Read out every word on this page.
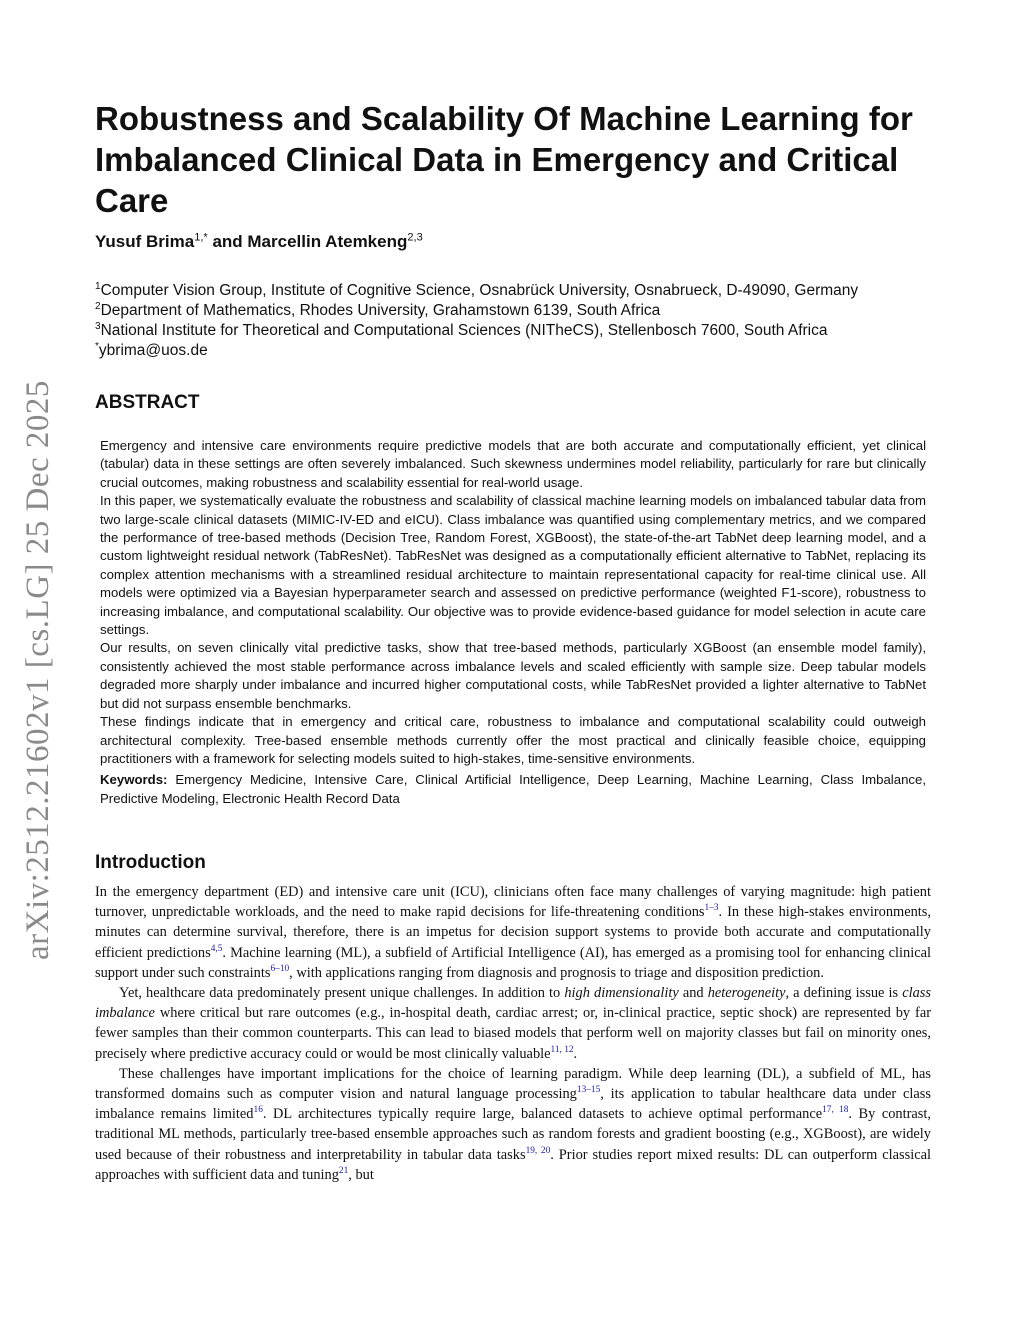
arXiv:2512.21602v1 [cs.LG] 25 Dec 2025
Robustness and Scalability Of Machine Learning for Imbalanced Clinical Data in Emergency and Critical Care
Yusuf Brima$^{1,*}$ and Marcellin Atemkeng$^{2,3}$
$^1$Computer Vision Group, Institute of Cognitive Science, Osnabrück University, Osnabrueck, D-49090, Germany
$^2$Department of Mathematics, Rhodes University, Grahamstown 6139, South Africa
$^3$National Institute for Theoretical and Computational Sciences (NITheCS), Stellenbosch 7600, South Africa
*ybrima@uos.de
ABSTRACT

Emergency and intensive care environments require predictive models that are both accurate and computationally efficient, yet clinical (tabular) data in these settings are often severely imbalanced. Such skewness undermines model reliability, particularly for rare but clinically crucial outcomes, making robustness and scalability essential for real-world usage.

In this paper, we systematically evaluate the robustness and scalability of classical machine learning models on imbalanced tabular data from two large-scale clinical datasets (MIMIC-IV-ED and eICU). Class imbalance was quantified using complementary metrics, and we compared the performance of tree-based methods (Decision Tree, Random Forest, XGBoost), the state-of-the-art TabNet deep learning model, and a custom lightweight residual network (TabResNet). TabResNet was designed as a computationally efficient alternative to TabNet, replacing its complex attention mechanisms with a streamlined residual architecture to maintain representational capacity for real-time clinical use. All models were optimized via a Bayesian hyperparameter search and assessed on predictive performance (weighted F1-score), robustness to increasing imbalance, and computational scalability. Our objective was to provide evidence-based guidance for model selection in acute care settings.

Our results, on seven clinically vital predictive tasks, show that tree-based methods, particularly XGBoost (an ensemble model family), consistently achieved the most stable performance across imbalance levels and scaled efficiently with sample size. Deep tabular models degraded more sharply under imbalance and incurred higher computational costs, while TabResNet provided a lighter alternative to TabNet but did not surpass ensemble benchmarks.

These findings indicate that in emergency and critical care, robustness to imbalance and computational scalability could outweigh architectural complexity. Tree-based ensemble methods currently offer the most practical and clinically feasible choice, equipping practitioners with a framework for selecting models suited to high-stakes, time-sensitive environments.

Keywords: Emergency Medicine, Intensive Care, Clinical Artificial Intelligence, Deep Learning, Machine Learning, Class Imbalance, Predictive Modeling, Electronic Health Record Data

Introduction

In the emergency department (ED) and intensive care unit (ICU), clinicians often face many challenges of varying magnitude: high patient turnover, unpredictable workloads, and the need to make rapid decisions for life-threatening conditions$^{1-3}$. In these high-stakes environments, minutes can determine survival, therefore, there is an impetus for decision support systems to provide both accurate and computationally efficient predictions$^{4,5}$. Machine learning (ML), a subfield of Artificial Intelligence (AI), has emerged as a promising tool for enhancing clinical support under such constraints$^{6-10}$, with applications ranging from diagnosis and prognosis to triage and disposition prediction.

Yet, healthcare data predominately present unique challenges. In addition to high dimensionality and heterogeneity, a defining issue is class imbalance where critical but rare outcomes (e.g., in-hospital death, cardiac arrest; or, in-clinical practice, septic shock) are represented by far fewer samples than their common counterparts. This can lead to biased models that perform well on majority classes but fail on minority ones, precisely where predictive accuracy could or would be most clinically valuable$^{11, 12}$.

These challenges have important implications for the choice of learning paradigm. While deep learning (DL), a subfield of ML, has transformed domains such as computer vision and natural language processing$^{13-15}$, its application to tabular healthcare data under class imbalance remains limited$^{16}$. DL architectures typically require large, balanced datasets to achieve optimal performance$^{17, 18}$. By contrast, traditional ML methods, particularly tree-based ensemble approaches such as random forests and gradient boosting (e.g., XGBoost), are widely used because of their robustness and interpretability in tabular data tasks$^{19, 20}$. Prior studies report mixed results: DL can outperform classical approaches with sufficient data and tuning$^{21}$, but
